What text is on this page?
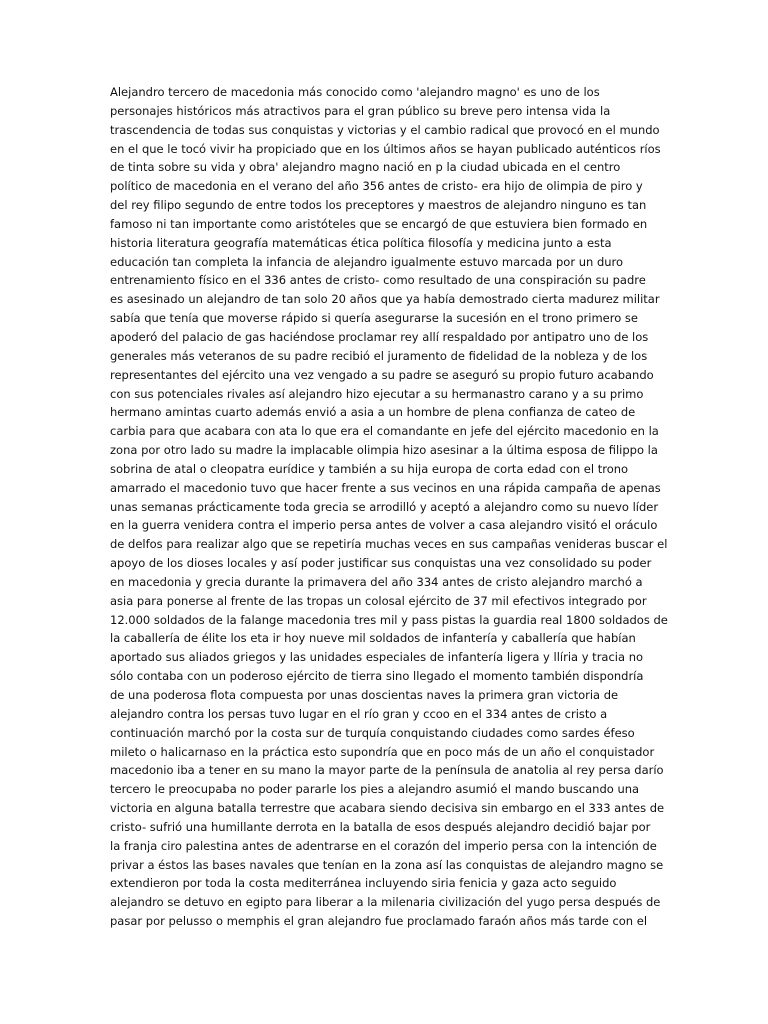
Alejandro tercero de macedonia más conocido como 'alejandro magno' es uno de los
personajes históricos más atractivos para el gran público su breve pero intensa vida la
trascendencia de todas sus conquistas y victorias y el cambio radical que provocó en el mundo
en el que le tocó vivir ha propiciado que en los últimos años se hayan publicado auténticos ríos
de tinta sobre su vida y obra' alejandro magno nació en p la ciudad ubicada en el centro
político de macedonia en el verano del año 356 antes de cristo- era hijo de olimpia de piro y
del rey filipo segundo de entre todos los preceptores y maestros de alejandro ninguno es tan
famoso ni tan importante como aristóteles que se encargó de que estuviera bien formado en
historia literatura geografía matemáticas ética política filosofía y medicina junto a esta
educación tan completa la infancia de alejandro igualmente estuvo marcada por un duro
entrenamiento físico en el 336 antes de cristo- como resultado de una conspiración su padre
es asesinado un alejandro de tan solo 20 años que ya había demostrado cierta madurez militar
sabía que tenía que moverse rápido si quería asegurarse la sucesión en el trono primero se
apoderó del palacio de gas haciéndose proclamar rey allí respaldado por antipatro uno de los
generales más veteranos de su padre recibió el juramento de fidelidad de la nobleza y de los
representantes del ejército una vez vengado a su padre se aseguró su propio futuro acabando
con sus potenciales rivales así alejandro hizo ejecutar a su hermanastro carano y a su primo
hermano amintas cuarto además envió a asia a un hombre de plena confianza de cateo de
carbia para que acabara con ata lo que era el comandante en jefe del ejército macedonio en la
zona por otro lado su madre la implacable olimpia hizo asesinar a la última esposa de filippo la
sobrina de atal o cleopatra eurídice y también a su hija europa de corta edad con el trono
amarrado el macedonio tuvo que hacer frente a sus vecinos en una rápida campaña de apenas
unas semanas prácticamente toda grecia se arrodilló y aceptó a alejandro como su nuevo líder
en la guerra venidera contra el imperio persa antes de volver a casa alejandro visitó el oráculo
de delfos para realizar algo que se repetiría muchas veces en sus campañas venideras buscar el
apoyo de los dioses locales y así poder justificar sus conquistas una vez consolidado su poder
en macedonia y grecia durante la primavera del año 334 antes de cristo alejandro marchó a
asia para ponerse al frente de las tropas un colosal ejército de 37 mil efectivos integrado por
12.000 soldados de la falange macedonia tres mil y pass pistas la guardia real 1800 soldados de
la caballería de élite los eta ir hoy nueve mil soldados de infantería y caballería que habían
aportado sus aliados griegos y las unidades especiales de infantería ligera y llíria y tracia no
sólo contaba con un poderoso ejército de tierra sino llegado el momento también dispondría
de una poderosa flota compuesta por unas doscientas naves la primera gran victoria de
alejandro contra los persas tuvo lugar en el río gran y ccoo en el 334 antes de cristo a
continuación marchó por la costa sur de turquía conquistando ciudades como sardes éfeso
mileto o halicarnaso en la práctica esto supondría que en poco más de un año el conquistador
macedonio iba a tener en su mano la mayor parte de la península de anatolia al rey persa darío
tercero le preocupaba no poder pararle los pies a alejandro asumió el mando buscando una
victoria en alguna batalla terrestre que acabara siendo decisiva sin embargo en el 333 antes de
cristo- sufrió una humillante derrota en la batalla de esos después alejandro decidió bajar por
la franja ciro palestina antes de adentrarse en el corazón del imperio persa con la intención de
privar a éstos las bases navales que tenían en la zona así las conquistas de alejandro magno se
extendieron por toda la costa mediterránea incluyendo siria fenicia y gaza acto seguido
alejandro se detuvo en egipto para liberar a la milenaria civilización del yugo persa después de
pasar por pelusso o memphis el gran alejandro fue proclamado faraón años más tarde con el
